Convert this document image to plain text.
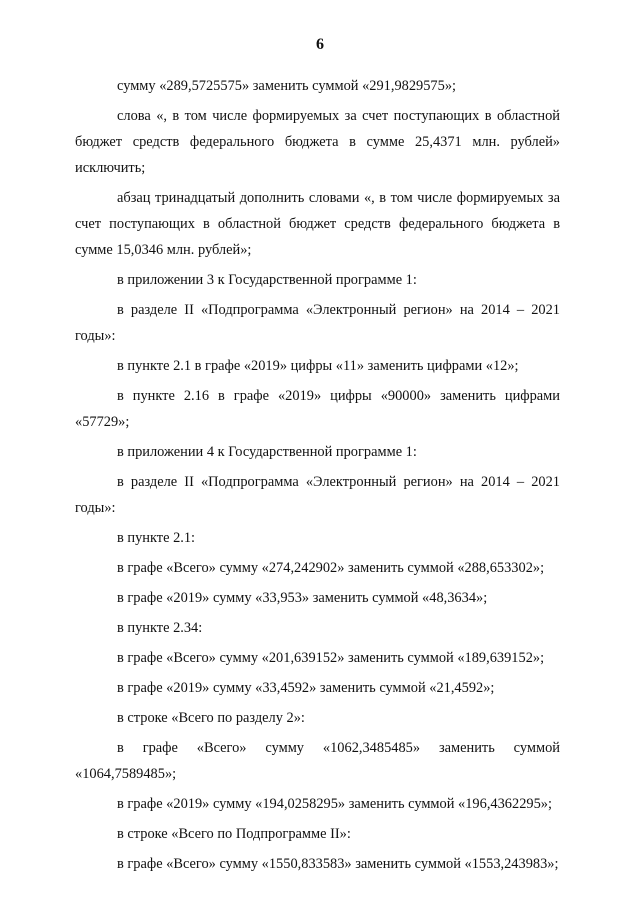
6

сумму «289,5725575» заменить суммой «291,9829575»;

слова «, в том числе формируемых за счет поступающих в областной бюджет средств федерального бюджета в сумме 25,4371 млн. рублей» исключить;

абзац тринадцатый дополнить словами «, в том числе формируемых за счет поступающих в областной бюджет средств федерального бюджета в сумме 15,0346 млн. рублей»;

в приложении 3 к Государственной программе 1:

в разделе II «Подпрограмма «Электронный регион» на 2014 – 2021 годы»:

в пункте 2.1 в графе «2019» цифры «11» заменить цифрами «12»;

в пункте 2.16 в графе «2019» цифры «90000» заменить цифрами «57729»;

в приложении 4 к Государственной программе 1:

в разделе II «Подпрограмма «Электронный регион» на 2014 – 2021 годы»:

в пункте 2.1:

в графе «Всего» сумму «274,242902» заменить суммой «288,653302»;

в графе «2019» сумму «33,953» заменить суммой «48,3634»;

в пункте 2.34:

в графе «Всего» сумму «201,639152» заменить суммой «189,639152»;

в графе «2019» сумму «33,4592» заменить суммой «21,4592»;

в строке «Всего по разделу 2»:

в графе «Всего» сумму «1062,3485485» заменить суммой «1064,7589485»;

в графе «2019» сумму «194,0258295» заменить суммой «196,4362295»;

в строке «Всего по Подпрограмме II»:

в графе «Всего» сумму «1550,833583» заменить суммой «1553,243983»;
